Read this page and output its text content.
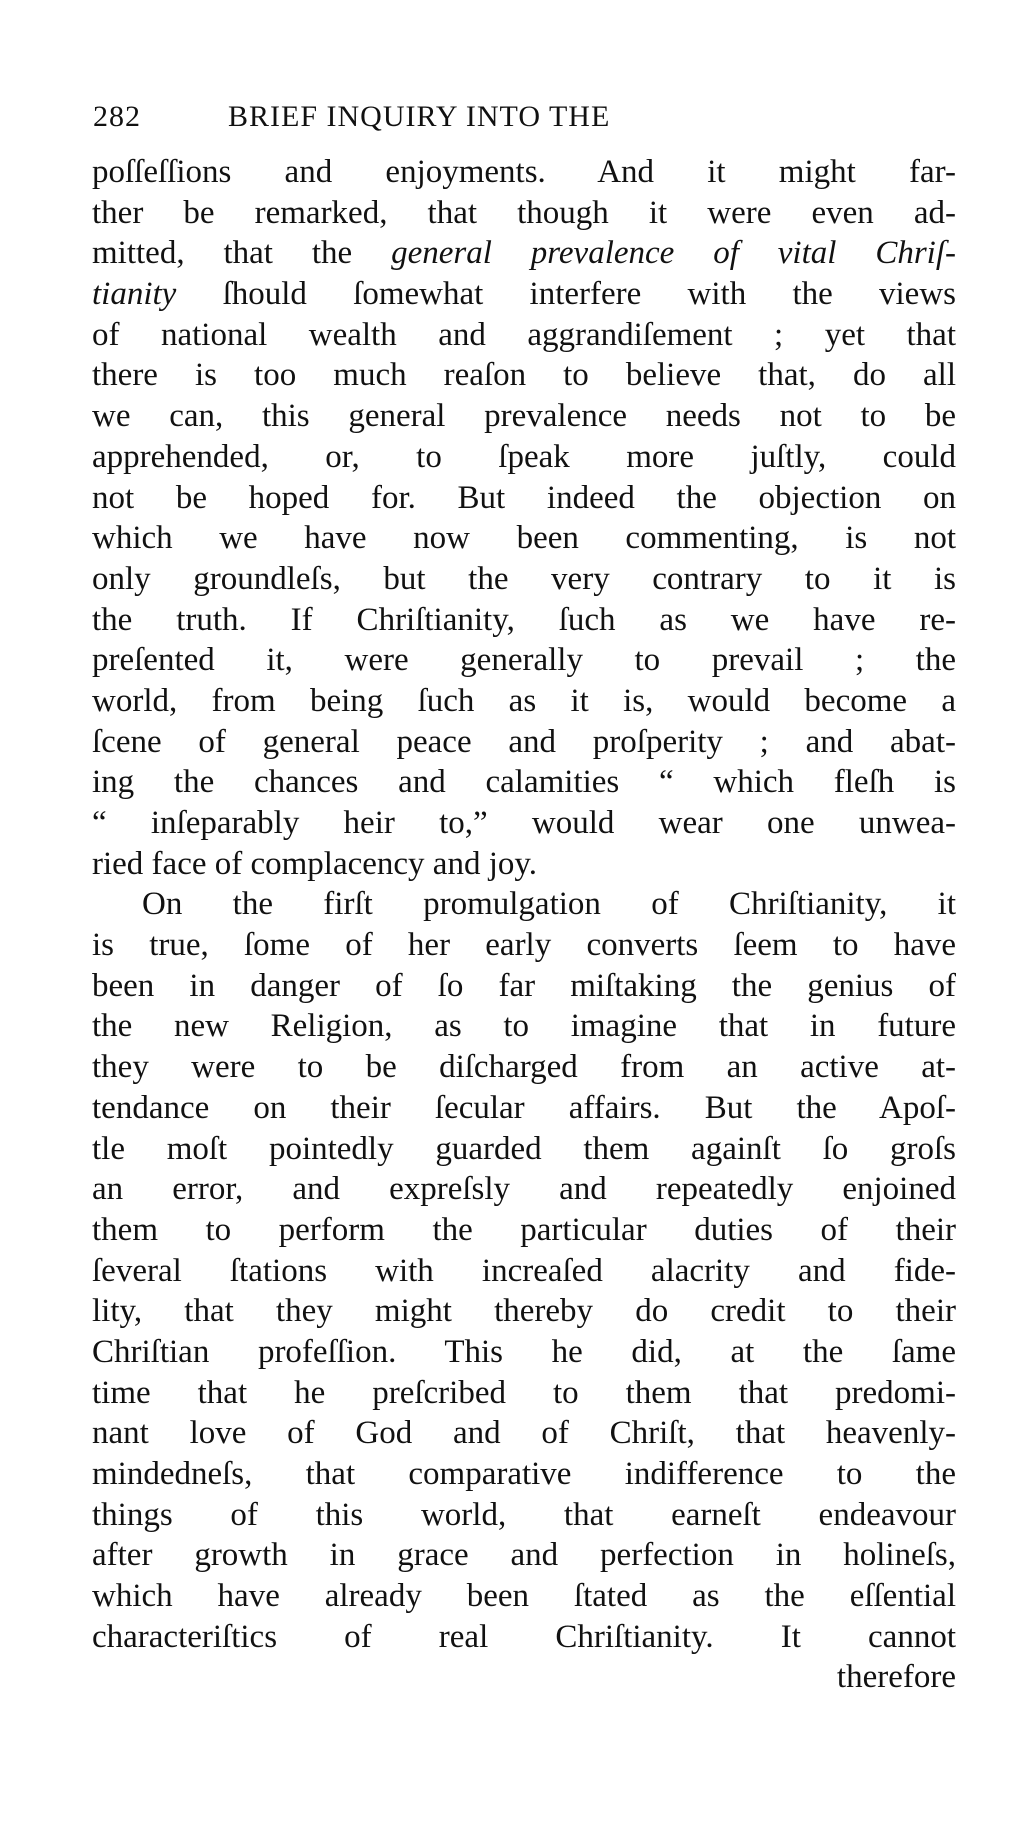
282	BRIEF INQUIRY INTO THE
poſſeſſions and enjoyments. And it might far-
ther be remarked, that though it were even ad-
mitted, that the general prevalence of vital Chriſ-
tianity ſhould ſomewhat interfere with the views
of national wealth and aggrandiſement ; yet that
there is too much reaſon to believe that, do all
we can, this general prevalence needs not to be
apprehended, or, to ſpeak more juſtly, could
not be hoped for. But indeed the objection on
which we have now been commenting, is not
only groundleſs, but the very contrary to it is
the truth. If Chriſtianity, ſuch as we have re-
preſented it, were generally to prevail ; the
world, from being ſuch as it is, would become a
ſcene of general peace and proſperity ; and abat-
ing the chances and calamities “ which fleſh is
“ inſeparably heir to,” would wear one unwea-
ried face of complacency and joy.
On the firſt promulgation of Chriſtianity, it
is true, ſome of her early converts ſeem to have
been in danger of ſo far miſtaking the genius of
the new Religion, as to imagine that in future
they were to be diſcharged from an active at-
tendance on their ſecular affairs. But the Apoſ-
tle moſt pointedly guarded them againſt ſo groſs
an error, and expreſsly and repeatedly enjoined
them to perform the particular duties of their
ſeveral ſtations with increaſed alacrity and fide-
lity, that they might thereby do credit to their
Chriſtian profeſſion. This he did, at the ſame
time that he preſcribed to them that predomi-
nant love of God and of Chriſt, that heavenly-
mindedneſs, that comparative indifference to the
things of this world, that earneſt endeavour
after growth in grace and perfection in holineſs,
which have already been ſtated as the eſſential
characteriſtics of real Chriſtianity. It cannot
therefore
